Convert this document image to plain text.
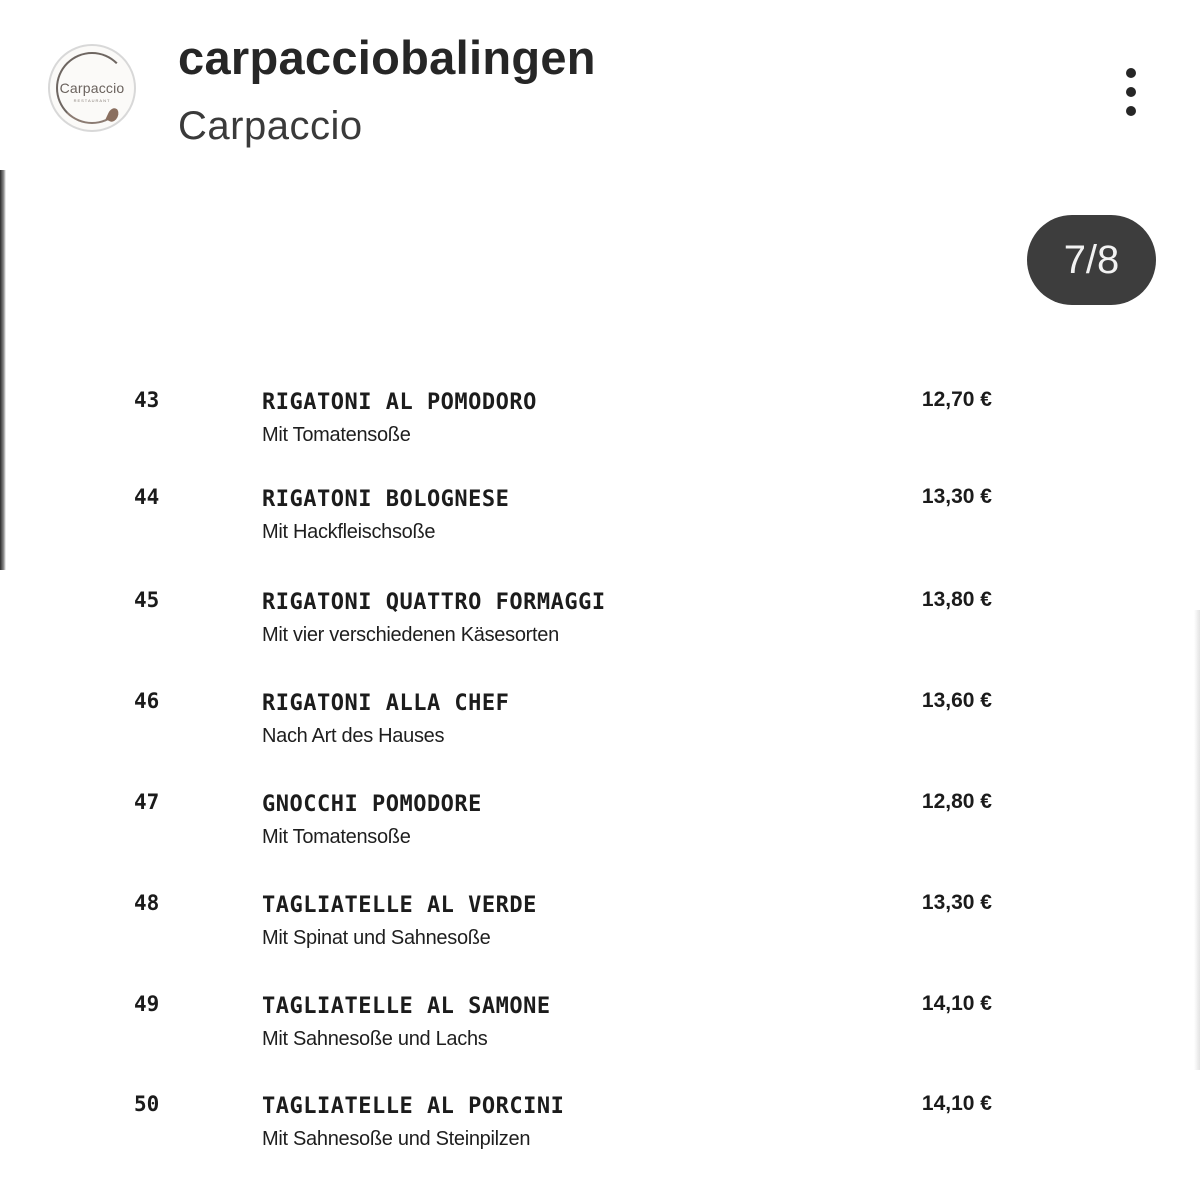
Carpaccio
RESTAURANT
carpacciobalingen
Carpaccio
7/8
43	RIGATONI AL POMODORO
Mit Tomatensoße
12,70 €
44	RIGATONI BOLOGNESE
Mit Hackfleischsoße
13,30 €
45	RIGATONI QUATTRO FORMAGGI
Mit vier verschiedenen Käsesorten
13,80 €
46	RIGATONI ALLA CHEF
Nach Art des Hauses
13,60 €
47	GNOCCHI POMODORE
Mit Tomatensoße
12,80 €
48	TAGLIATELLE AL VERDE
Mit Spinat und Sahnesoße
13,30 €
49	TAGLIATELLE AL SAMONE
Mit Sahnesoße und Lachs
14,10 €
50	TAGLIATELLE AL PORCINI
Mit Sahnesoße und Steinpilzen
14,10 €
